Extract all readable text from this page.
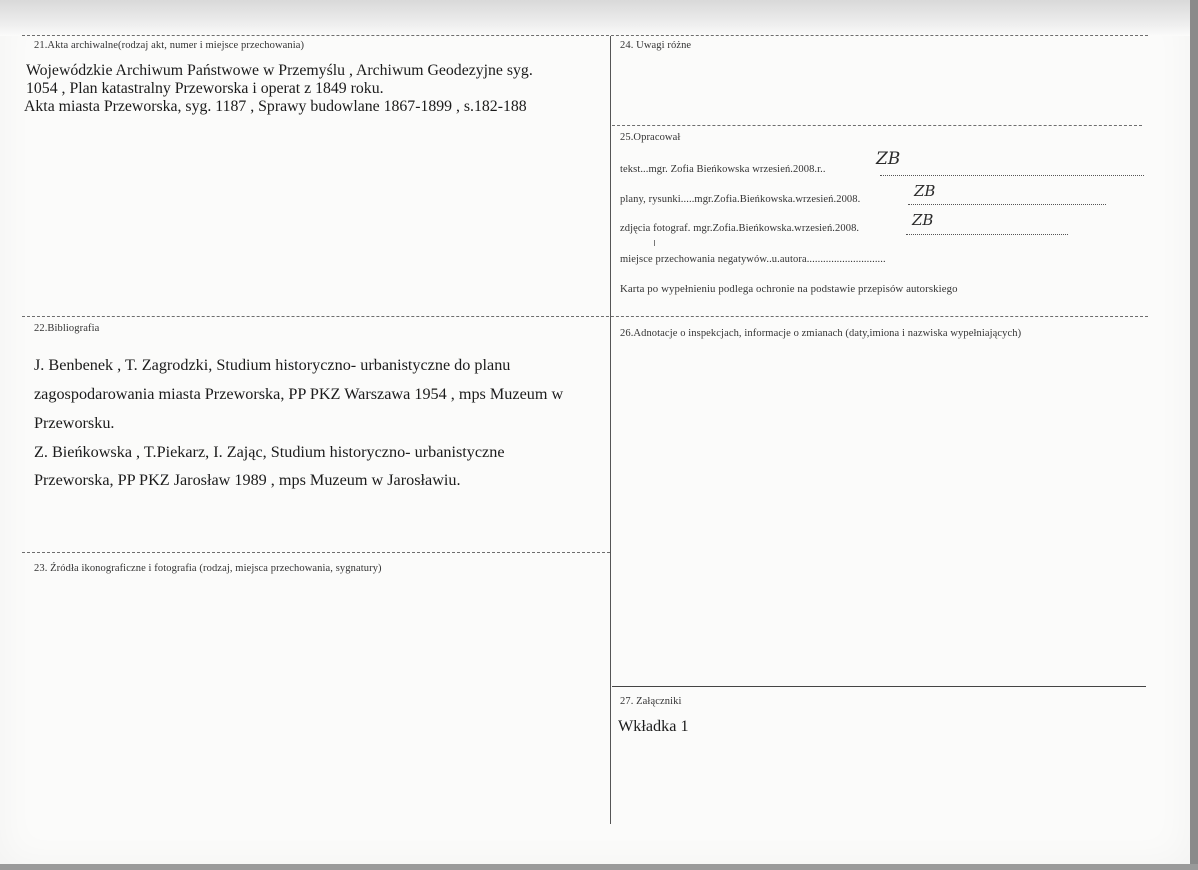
21.Akta archiwalne(rodzaj akt, numer i miejsce przechowania)
Wojewódzkie Archiwum Państwowe w Przemyślu , Archiwum Geodezyjne syg.
1054 , Plan katastralny Przeworska i operat z 1849 roku.
Akta miasta Przeworska, syg. 1187 , Sprawy budowlane 1867-1899 , s.182-188
24. Uwagi różne
25.Opracował
tekst...mgr. Zofia Bieńkowska wrzesień.2008.r..
ZB
plany, rysunki.....mgr.Zofia.Bieńkowska.wrzesień.2008.	ZB
zdjęcia fotograf. mgr.Zofia.Bieńkowska.wrzesień.2008.	ZB
miejsce przechowania negatywów..u.autora.............................
Karta po wypełnieniu podlega ochronie na podstawie przepisów autorskiego
22.Bibliografia
J. Benbenek , T. Zagrodzki, Studium historyczno- urbanistyczne do planu
zagospodarowania miasta Przeworska, PP PKZ Warszawa 1954 , mps Muzeum w
Przeworsku.
Z. Bieńkowska , T.Piekarz, I. Zając, Studium historyczno- urbanistyczne
Przeworska, PP PKZ Jarosław 1989 , mps Muzeum w Jarosławiu.
26.Adnotacje o inspekcjach, informacje o zmianach (daty,imiona i nazwiska wypełniających)
23. Źródła ikonograficzne i fotografia (rodzaj, miejsca przechowania, sygnatury)
27. Załączniki
Wkładka 1
